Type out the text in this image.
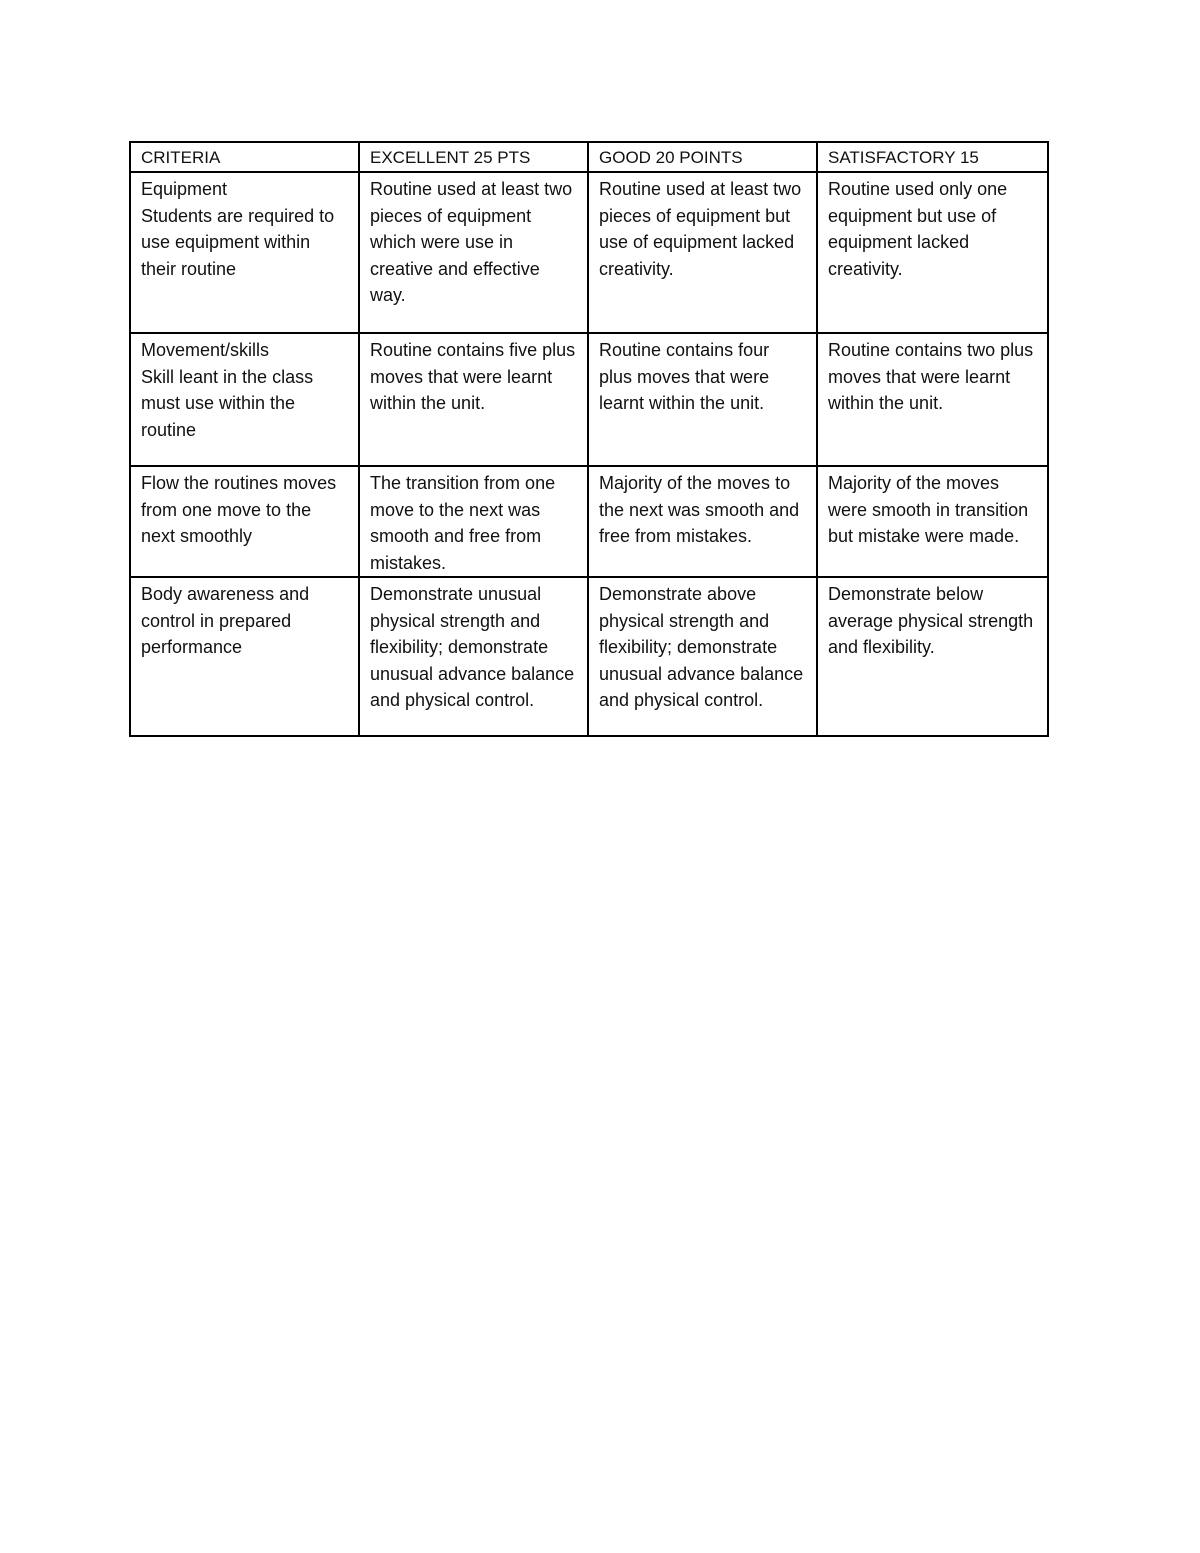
CRITERIA	EXCELLENT 25 PTS	GOOD 20 POINTS	SATISFACTORY 15
Equipment
Students are required to use equipment within their routine	Routine used at least two pieces of equipment which were use in creative and effective way.	Routine used at least two pieces of equipment but use of equipment lacked creativity.	Routine used only one equipment but use of equipment lacked creativity.
Movement/skills
Skill leant in the class must use within the routine	Routine contains five plus moves that were learnt within the unit.	Routine contains four plus moves that were learnt within the unit.	Routine contains two plus moves that were learnt within the unit.
Flow the routines moves from one move to the next smoothly	The transition from one move to the next was smooth and free from mistakes.	Majority of the moves to the next was smooth and free from mistakes.	Majority of the moves were smooth in transition but mistake were made.
Body awareness and control in prepared performance	Demonstrate unusual physical strength and flexibility; demonstrate unusual advance balance and physical control.	Demonstrate above physical strength and flexibility; demonstrate unusual advance balance and physical control.	Demonstrate below average physical strength and flexibility.
